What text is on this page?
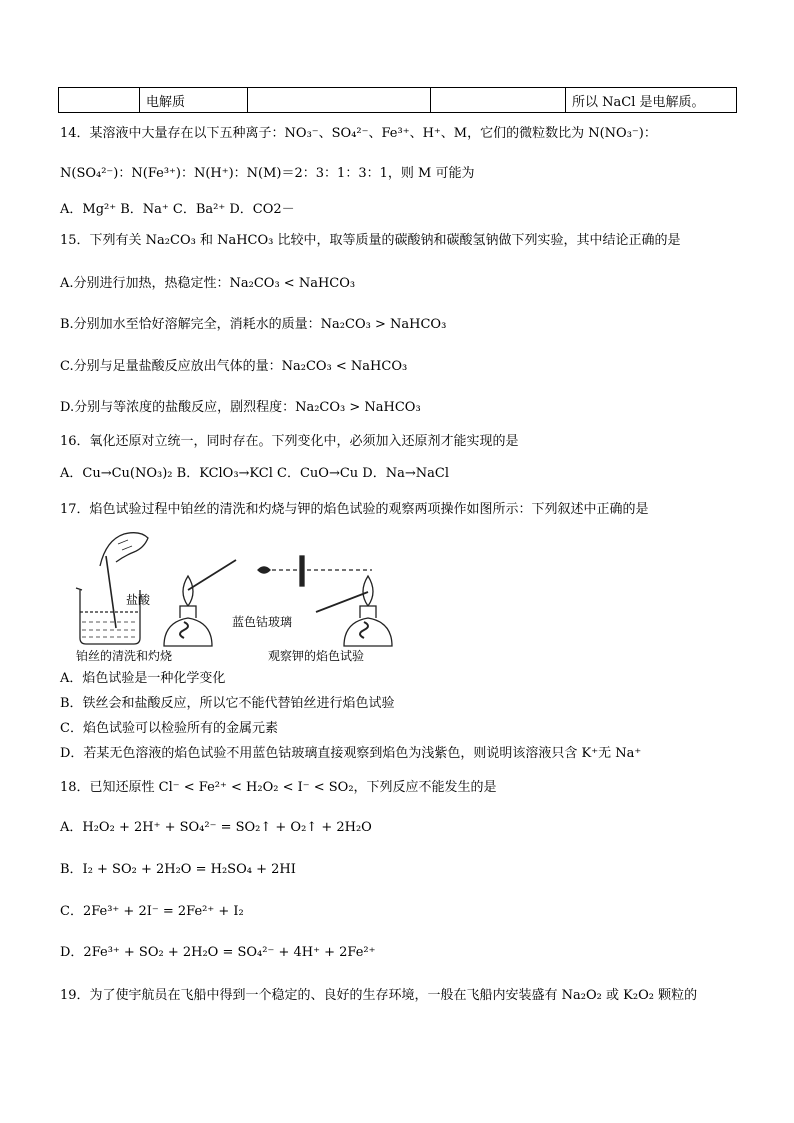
	电解质			所以 NaCl 是电解质。
14．某溶液中大量存在以下五种离子：NO₃⁻、SO₄²⁻、Fe³⁺、H⁺、M，它们的微粒数比为 N(NO₃⁻)：
N(SO₄²⁻)：N(Fe³⁺)：N(H⁺)：N(M)＝2：3：1：3：1，则 M 可能为
A．Mg²⁺ B．Na⁺ C．Ba²⁺ D．CO2－
15．下列有关 Na₂CO₃ 和 NaHCO₃ 比较中，取等质量的碳酸钠和碳酸氢钠做下列实验，其中结论正确的是
A.分别进行加热，热稳定性：Na₂CO₃ < NaHCO₃
B.分别加水至恰好溶解完全，消耗水的质量：Na₂CO₃ > NaHCO₃
C.分别与足量盐酸反应放出气体的量：Na₂CO₃ < NaHCO₃
D.分别与等浓度的盐酸反应，剧烈程度：Na₂CO₃ > NaHCO₃
16．氧化还原对立统一，同时存在。下列变化中，必须加入还原剂才能实现的是
A．Cu→Cu(NO₃)₂ B．KClO₃→KCl C．CuO→Cu D．Na→NaCl
17．焰色试验过程中铂丝的清洗和灼烧与钾的焰色试验的观察两项操作如图所示：下列叙述中正确的是
盐酸
蓝色钴玻璃
铂丝的清洗和灼烧	观察钾的焰色试验
A．焰色试验是一种化学变化
B．铁丝会和盐酸反应，所以它不能代替铂丝进行焰色试验
C．焰色试验可以检验所有的金属元素
D．若某无色溶液的焰色试验不用蓝色钴玻璃直接观察到焰色为浅紫色，则说明该溶液只含 K⁺无 Na⁺
18．已知还原性 Cl⁻ < Fe²⁺ < H₂O₂ < I⁻ < SO₂，下列反应不能发生的是
A．H₂O₂ + 2H⁺ + SO₄²⁻ = SO₂↑ + O₂↑ + 2H₂O
B．I₂ + SO₂ + 2H₂O = H₂SO₄ + 2HI
C．2Fe³⁺ + 2I⁻ = 2Fe²⁺ + I₂
D．2Fe³⁺ + SO₂ + 2H₂O = SO₄²⁻ + 4H⁺ + 2Fe²⁺
19．为了使宇航员在飞船中得到一个稳定的、良好的生存环境，一般在飞船内安装盛有 Na₂O₂ 或 K₂O₂ 颗粒的
